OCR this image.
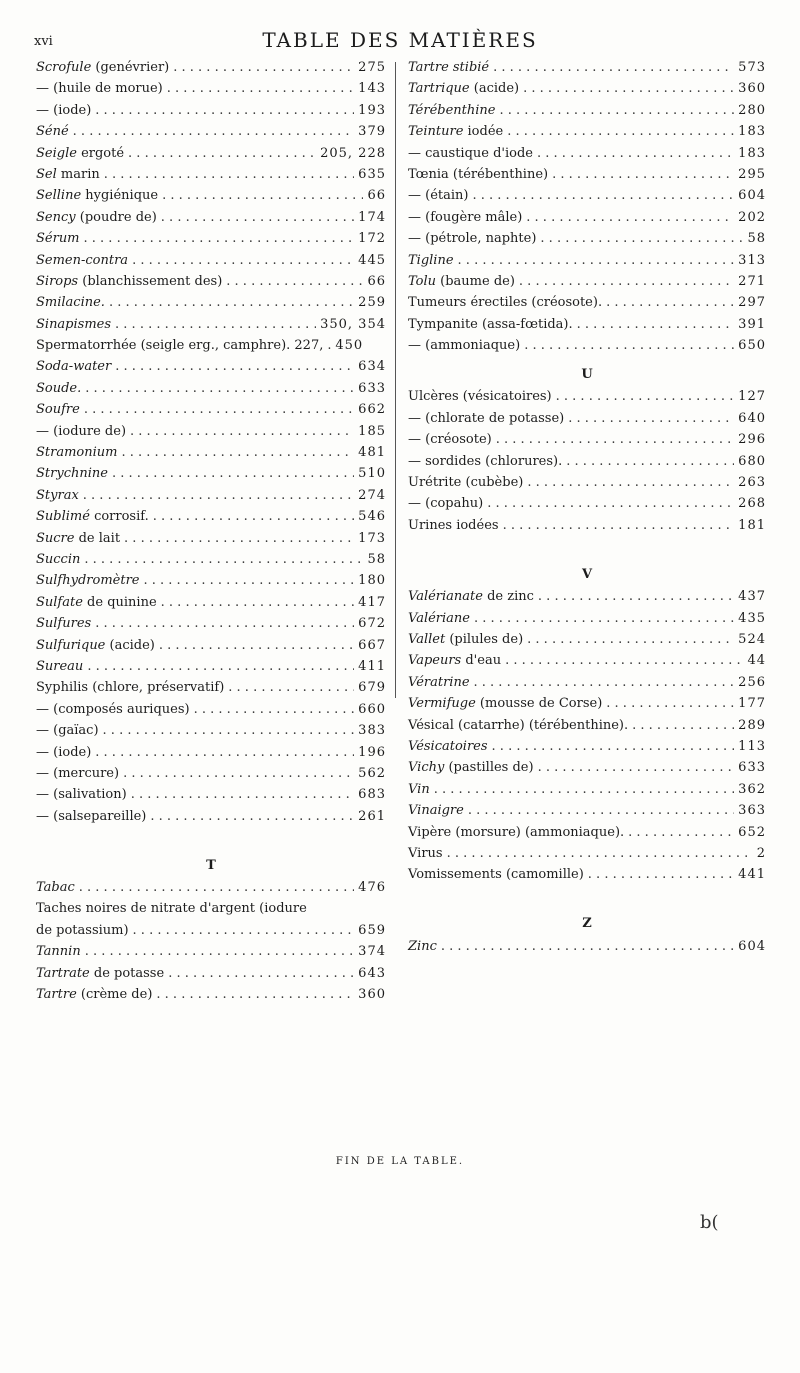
xvi	TABLE DES MATIÈRES
Scrofule (genévrier) . . .	275
— (huile de morue) . . .	143
— (iode) . . .	193
Séné . . .	379
Seigle ergoté . . .	205, 228
Sel marin . . .	635
Selline hygiénique . . .	66
Sency (poudre de) . . .	174
Sérum . . .	172
Semen-contra . . .	445
Sirops (blanchissement des) . . .	66
Smilacine. . . .	259
Sinapismes . . .	350, 354
Spermatorrhée (seigle erg., camphre). 227, . . . 450
Soda-water . . .	634
Soude. . . .	633
Soufre . . .	662
— (iodure de) . . .	185
Stramonium . . .	481
Strychnine . . .	510
Styrax . . .	274
Sublimé corrosif. . . .	546
Sucre de lait . . .	173
Succin . . .	58
Sulfhydromètre . . .	180
Sulfate de quinine . . .	417
Sulfures . . .	672
Sulfurique (acide) . . .	667
Sureau . . .	411
Syphilis (chlore, préservatif) . . .	679
— (composés auriques) . . .	660
— (gaïac) . . .	383
— (iode) . . .	196
— (mercure) . . .	562
— (salivation) . . .	683
— (salsepareille) . . .	261
T
Tabac . . .	476
Taches noires de nitrate d'argent (iodure
de potassium) . . .	659
Tannin . . .	374
Tartrate de potasse . . .	643
Tartre (crème de) . . .	360
Tartre stibié . . .	573
Tartrique (acide) . . .	360
Térébenthine . . .	280
Teinture iodée . . .	183
— caustique d'iode . . .	183
Tœnia (térébenthine) . . .	295
— (étain) . . .	604
— (fougère mâle) . . .	202
— (pétrole, naphte) . . .	58
Tigline . . .	313
Tolu (baume de) . . .	271
Tumeurs érectiles (créosote). . . .	297
Tympanite (assa-fœtida). . . .	391
— (ammoniaque) . . .	650
U
Ulcères (vésicatoires) . . .	127
— (chlorate de potasse) . . .	640
— (créosote) . . .	296
— sordides (chlorures). . . .	680
Urétrite (cubèbe) . . .	263
— (copahu) . . .	268
Urines iodées . . .	181
V
Valérianate de zinc . . .	437
Valériane . . .	435
Vallet (pilules de) . . .	524
Vapeurs d'eau . . .	44
Vératrine . . .	256
Vermifuge (mousse de Corse) . . .	177
Vésical (catarrhe) (térébenthine). . . .	289
Vésicatoires . . .	113
Vichy (pastilles de) . . .	633
Vin . . .	362
Vinaigre . . .	363
Vipère (morsure) (ammoniaque). . . .	652
Virus . . .	2
Vomissements (camomille) . . .	441
Z
Zinc . . .	604
FIN DE LA TABLE.
b(
